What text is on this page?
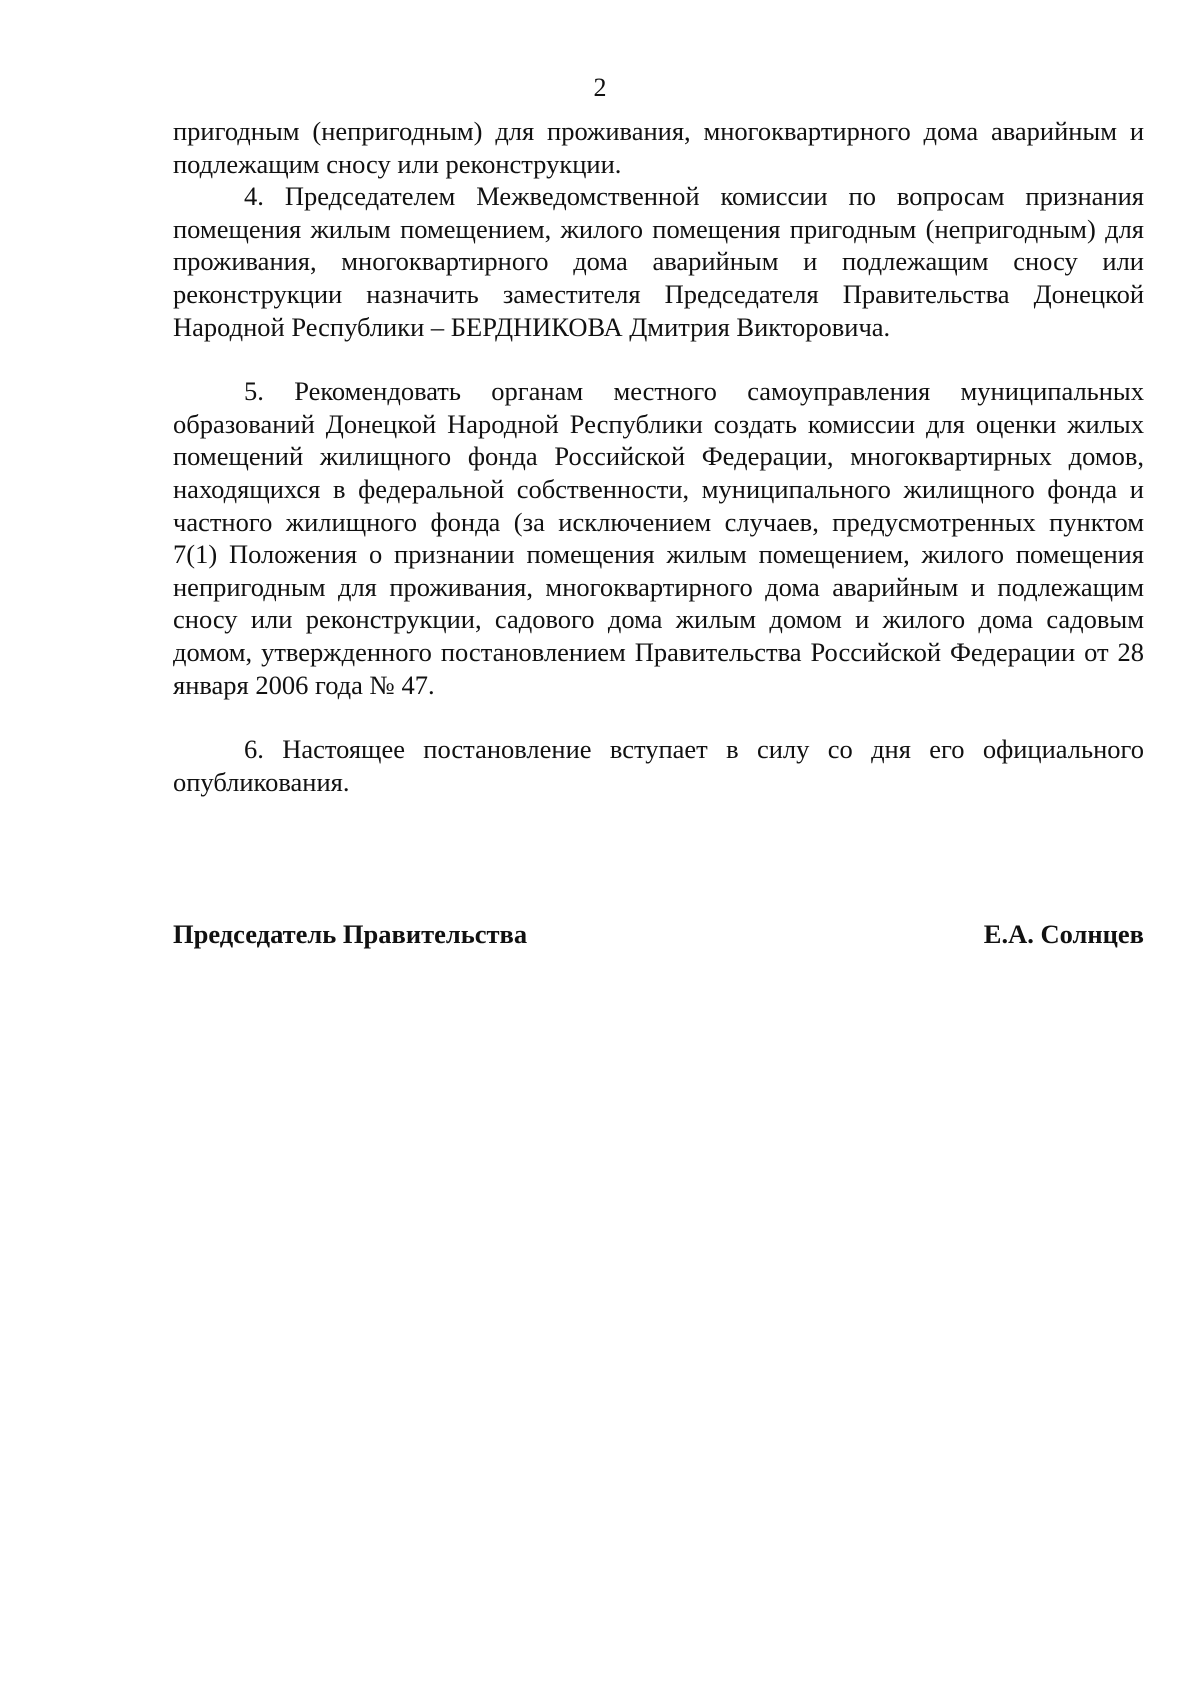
2

пригодным (непригодным) для проживания, многоквартирного дома аварийным и подлежащим сносу или реконструкции.

4. Председателем Межведомственной комиссии по вопросам признания помещения жилым помещением, жилого помещения пригодным (непригодным) для проживания, многоквартирного дома аварийным и подлежащим сносу или реконструкции назначить заместителя Председателя Правительства Донецкой Народной Республики – БЕРДНИКОВА Дмитрия Викторовича.

5. Рекомендовать органам местного самоуправления муниципальных образований Донецкой Народной Республики создать комиссии для оценки жилых помещений жилищного фонда Российской Федерации, многоквартирных домов, находящихся в федеральной собственности, муниципального жилищного фонда и частного жилищного фонда (за исключением случаев, предусмотренных пунктом 7(1) Положения о признании помещения жилым помещением, жилого помещения непригодным для проживания, многоквартирного дома аварийным и подлежащим сносу или реконструкции, садового дома жилым домом и жилого дома садовым домом, утвержденного постановлением Правительства Российской Федерации от 28 января 2006 года № 47.

6. Настоящее постановление вступает в силу со дня его официального опубликования.

Председатель Правительства	Е.А. Солнцев
